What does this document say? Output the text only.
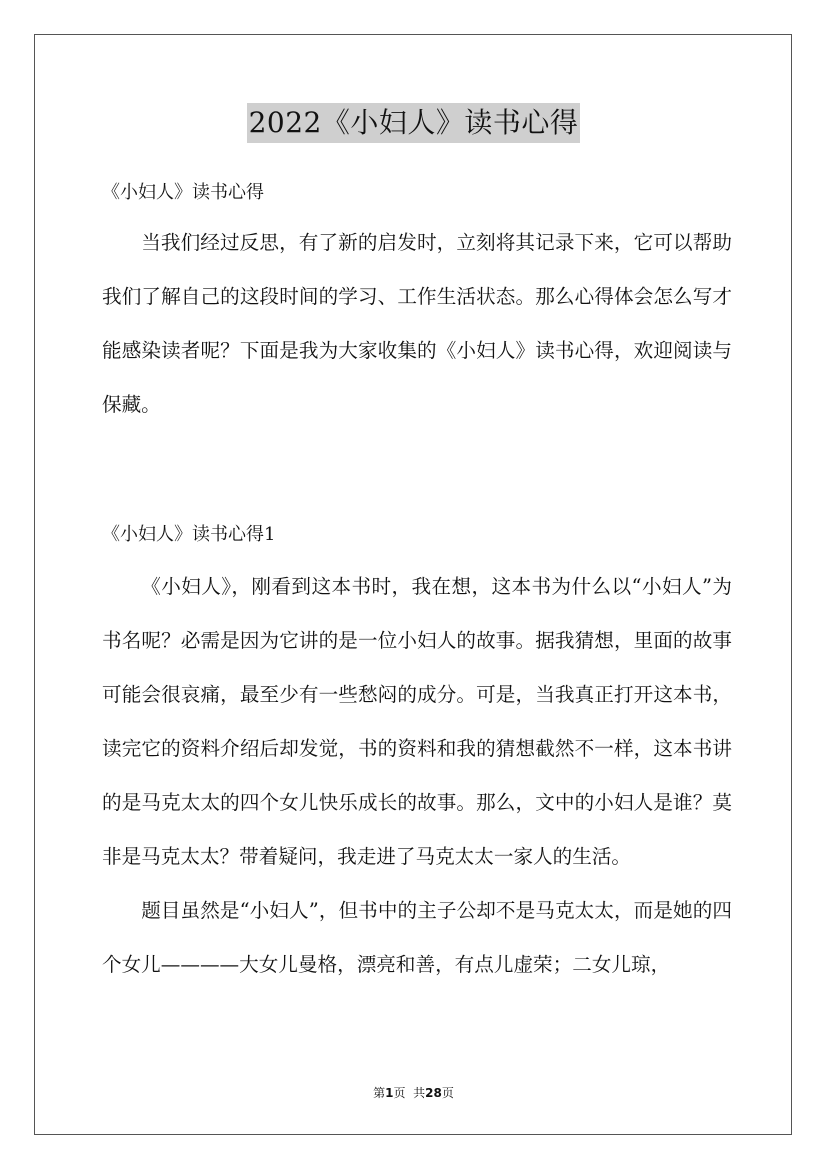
2022《小妇人》读书心得

《小妇人》读书心得

当我们经过反思，有了新的启发时，立刻将其记录下来，它可以帮助我们了解自己的这段时间的学习、工作生活状态。那么心得体会怎么写才能感染读者呢？下面是我为大家收集的《小妇人》读书心得，欢迎阅读与保藏。

《小妇人》读书心得1

《小妇人》，刚看到这本书时，我在想，这本书为什么以“小妇人”为书名呢？必需是因为它讲的是一位小妇人的故事。据我猜想，里面的故事可能会很哀痛，最至少有一些愁闷的成分。可是，当我真正打开这本书，读完它的资料介绍后却发觉，书的资料和我的猜想截然不一样，这本书讲的是马克太太的四个女儿快乐成长的故事。那么，文中的小妇人是谁？莫非是马克太太？带着疑问，我走进了马克太太一家人的生活。

题目虽然是“小妇人”，但书中的主子公却不是马克太太，而是她的四个女儿————大女儿曼格，漂亮和善，有点儿虚荣；二女儿琼，

第1页 共28页
